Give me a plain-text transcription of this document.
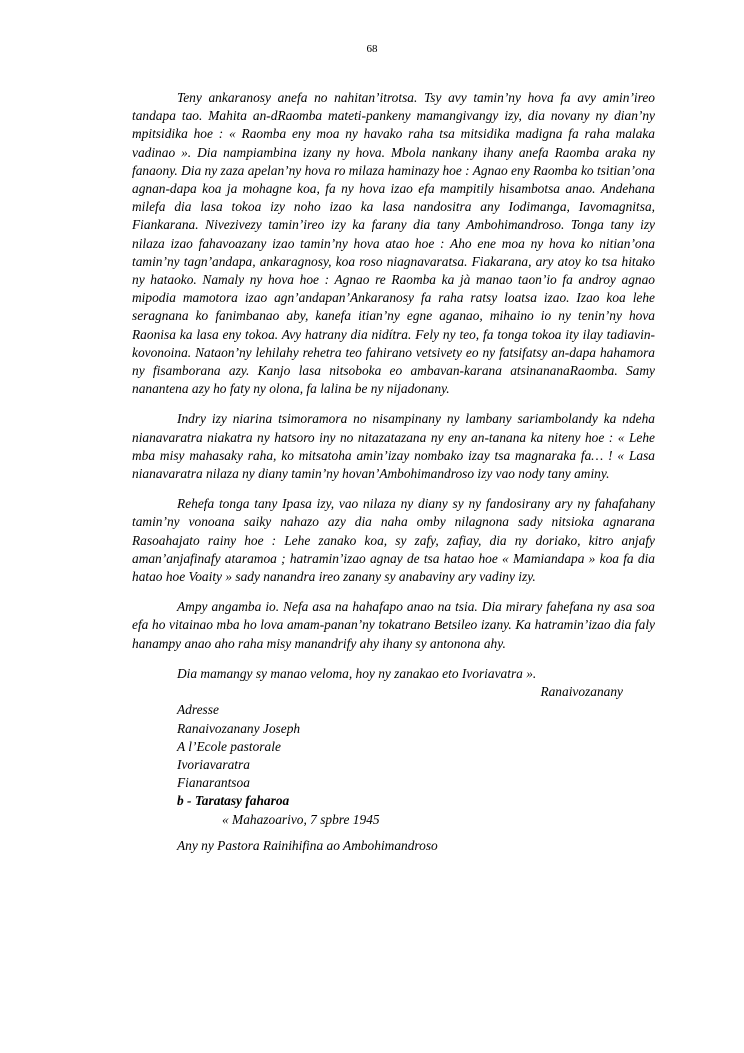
68

Teny ankaranosy anefa no nahitan’itrotsa. Tsy avy tamin’ny hova fa avy amin’ireo tandapa tao. Mahita an-dRaomba mateti-pankeny mamangivangy izy, dia novany ny dian’ny mpitsidika hoe : « Raomba eny moa ny havako raha tsa mitsidika madigna fa raha malaka vadinao ». Dia nampiambina izany ny hova. Mbola nankany ihany anefa Raomba araka ny fanaony. Dia ny zaza apelan’ny hova ro milaza haminazy hoe : Agnao eny Raomba ko tsitian’ona agnan-dapa koa ja mohagne koa, fa ny hova izao efa mampitily hisambotsa anao. Andehana milefa dia lasa tokoa izy noho izao ka lasa nandositra any Iodimanga, Iavomagnitsa, Fiankarana. Nivezivezy tamin’ireo izy ka farany dia tany Ambohimandroso. Tonga tany izy nilaza izao fahavoazany izao tamin’ny hova atao hoe : Aho ene moa ny hova ko nitian’ona tamin’ny tagn’andapa, ankaragnosy, koa roso niagnavaratsa. Fiakarana, ary atoy ko tsa hitako ny hataoko. Namaly ny hova hoe : Agnao re Raomba ka jà manao taon’io fa androy agnao mipodia mamotora izao agn’andapan’Ankaranosy fa raha ratsy loatsa izao. Izao koa lehe seragnana ko fanimbanao aby, kanefa itian’ny egne aganao, mihaino io ny tenin’ny hova Raonisa ka lasa eny tokoa. Avy hatrany dia nidítra. Fely ny teo, fa tonga tokoa ity ilay tadiavin-kovonoina. Nataon’ny lehilahy rehetra teo fahirano vetsivety eo ny fatsifatsy an-dapa hahamora ny fisamborana azy. Kanjo lasa nitsoboka eo ambavan-karana atsinananaRaomba. Samy nanantena azy ho faty ny olona, fa lalina be ny nijadonany.

Indry izy niarina tsimoramora no nisampinany ny lambany sariambolandy ka ndeha nianavaratra niakatra ny hatsoro iny no nitazatazana ny eny an-tanana ka niteny hoe : « Lehe mba misy mahasaky raha, ko mitsatoha amin’izay nombako izay tsa magnaraka fa… ! « Lasa nianavaratra nilaza ny diany tamin’ny hovan’Ambohimandroso izy vao nody tany aminy.

Rehefa tonga tany Ipasa izy, vao nilaza ny diany sy ny fandosirany ary ny fahafahany tamin’ny vonoana saiky nahazo azy dia naha omby nilagnona sady nitsioka agnarana Rasoahajato rainy hoe : Lehe zanako koa, sy zafy, zafiay, dia ny doriako, kitro anjafy aman’anjafinafy ataramoa ; hatramin’izao agnay de tsa hatao hoe « Mamiandapa » koa fa dia hatao hoe Voaity » sady nanandra ireo zanany sy anabaviny ary vadiny izy.

Ampy angamba io. Nefa asa na hahafapo anao na tsia. Dia mirary fahefana ny asa soa efa ho vitainao mba ho lova amam-panan’ny tokatrano Betsileo izany. Ka hatramin’izao dia faly hanampy anao aho raha misy manandrify ahy ihany sy antonona ahy.

Dia mamangy sy manao veloma, hoy ny zanakao eto Ivoriavatra ».
Ranaivozanany
Adresse
Ranaivozanany Joseph
A l’Ecole pastorale
Ivoriavaratra
Fianarantsoa
b - Taratasy faharoa
« Mahazoarivo, 7 spbre 1945
Any ny Pastora Rainihifina ao Ambohimandroso
